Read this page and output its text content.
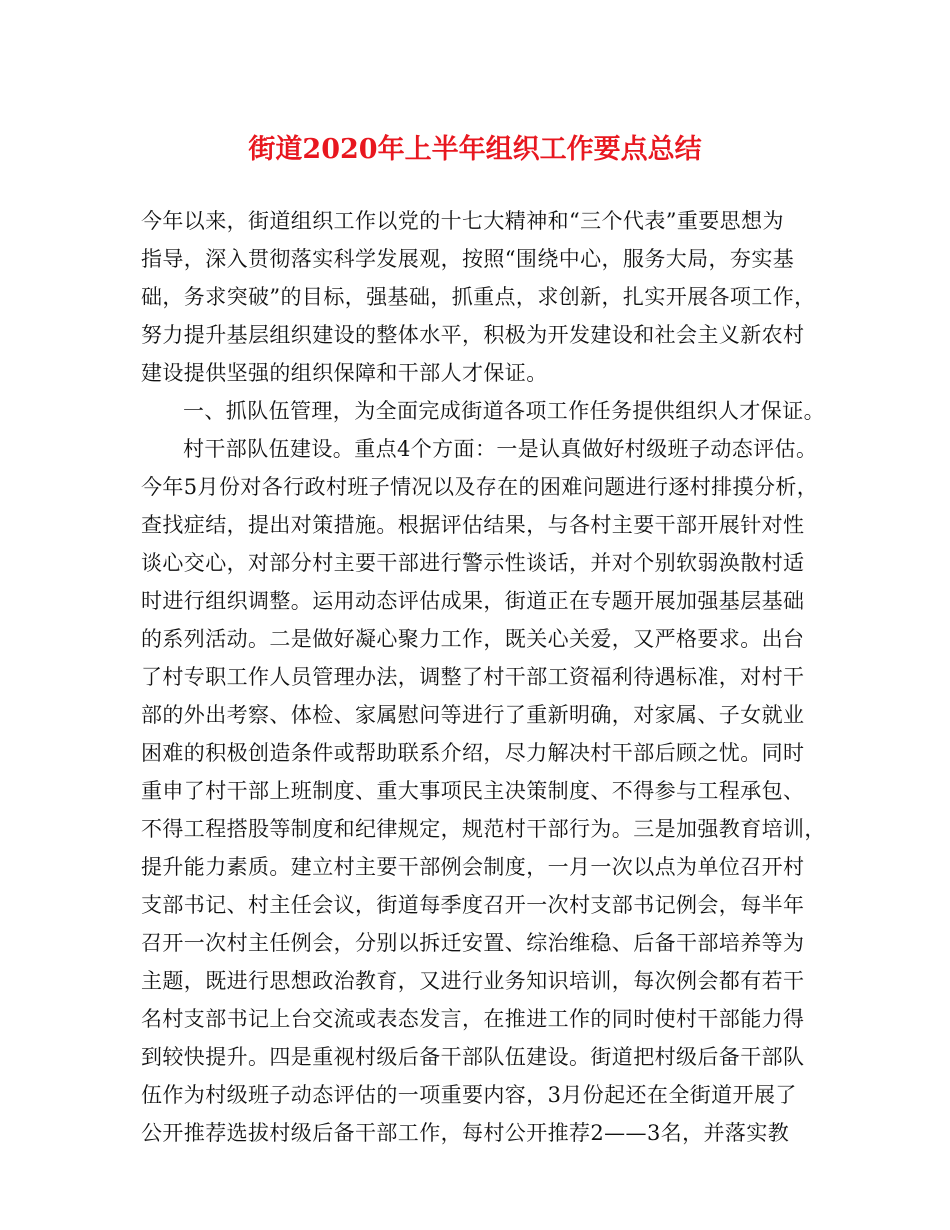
街道2020年上半年组织工作要点总结
今年以来，街道组织工作以党的十七大精神和“三个代表”重要思想为
指导，深入贯彻落实科学发展观，按照“围绕中心，服务大局，夯实基
础，务求突破”的目标，强基础，抓重点，求创新，扎实开展各项工作，
努力提升基层组织建设的整体水平，积极为开发建设和社会主义新农村
建设提供坚强的组织保障和干部人才保证。
一、抓队伍管理，为全面完成街道各项工作任务提供组织人才保证。
村干部队伍建设。重点4个方面：一是认真做好村级班子动态评估。
今年5月份对各行政村班子情况以及存在的困难问题进行逐村排摸分析，
查找症结，提出对策措施。根据评估结果，与各村主要干部开展针对性
谈心交心，对部分村主要干部进行警示性谈话，并对个别软弱涣散村适
时进行组织调整。运用动态评估成果，街道正在专题开展加强基层基础
的系列活动。二是做好凝心聚力工作，既关心关爱，又严格要求。出台
了村专职工作人员管理办法，调整了村干部工资福利待遇标准，对村干
部的外出考察、体检、家属慰问等进行了重新明确，对家属、子女就业
困难的积极创造条件或帮助联系介绍，尽力解决村干部后顾之忧。同时
重申了村干部上班制度、重大事项民主决策制度、不得参与工程承包、
不得工程搭股等制度和纪律规定，规范村干部行为。三是加强教育培训，
提升能力素质。建立村主要干部例会制度，一月一次以点为单位召开村
支部书记、村主任会议，街道每季度召开一次村支部书记例会，每半年
召开一次村主任例会，分别以拆迁安置、综治维稳、后备干部培养等为
主题，既进行思想政治教育，又进行业务知识培训，每次例会都有若干
名村支部书记上台交流或表态发言，在推进工作的同时使村干部能力得
到较快提升。四是重视村级后备干部队伍建设。街道把村级后备干部队
伍作为村级班子动态评估的一项重要内容，3月份起还在全街道开展了
公开推荐选拔村级后备干部工作，每村公开推荐2——3名，并落实教
